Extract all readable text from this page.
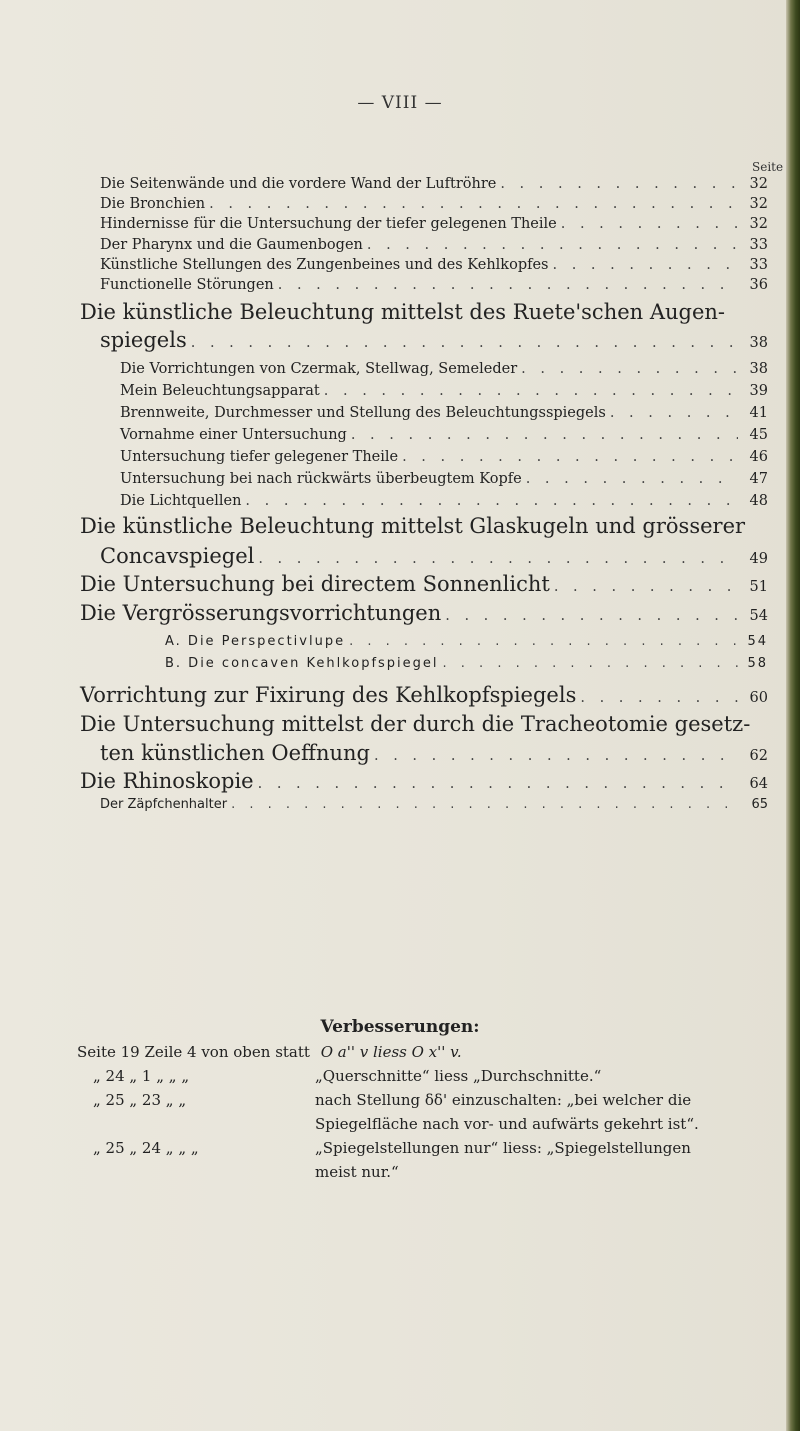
— VIII —
Seite
Die Seitenwände und die vordere Wand der Luftröhre . . .	32
Die Bronchien . . .	32
Hindernisse für die Untersuchung der tiefer gelegenen Theile . . .	32
Der Pharynx und die Gaumenbogen . . .	33
Künstliche Stellungen des Zungenbeines und des Kehlkopfes . . .	33
Functionelle Störungen . . .	36
Die künstliche Beleuchtung mittelst des Ruete'schen Augen-
spiegels . . .	38
Die Vorrichtungen von Czermak, Stellwag, Semeleder . . .	38
Mein Beleuchtungsapparat . . .	39
Brennweite, Durchmesser und Stellung des Beleuchtungsspiegels . . .	41
Vornahme einer Untersuchung . . .	45
Untersuchung tiefer gelegener Theile . . .	46
Untersuchung bei nach rückwärts überbeugtem Kopfe . . .	47
Die Lichtquellen . . .	48
Die künstliche Beleuchtung mittelst Glaskugeln und grösserer
Concavspiegel . . .	49
Die Untersuchung bei directem Sonnenlicht . . .	51
Die Vergrösserungsvorrichtungen . . .	54
A. Die Perspectivlupe . . .	54
B. Die concaven Kehlkopfspiegel . . .	58
Vorrichtung zur Fixirung des Kehlkopfspiegels . . .	60
Die Untersuchung mittelst der durch die Tracheotomie gesetz-
ten künstlichen Oeffnung . . .	62
Die Rhinoskopie . . .	64
Der Zäpfchenhalter . . .	65
Verbesserungen:
Seite 19 Zeile 4 von oben statt O a'' v liess O x'' v.
„ 24 „ 1 „ „ „	„Querschnitte“ liess „Durchschnitte.“
„ 25 „ 23 „ „	nach Stellung δδ' einzuschalten: „bei welcher die
Spiegelfläche nach vor- und aufwärts gekehrt ist“.
„ 25 „ 24 „ „ „	„Spiegelstellungen nur“ liess: „Spiegelstellungen
meist nur.“
